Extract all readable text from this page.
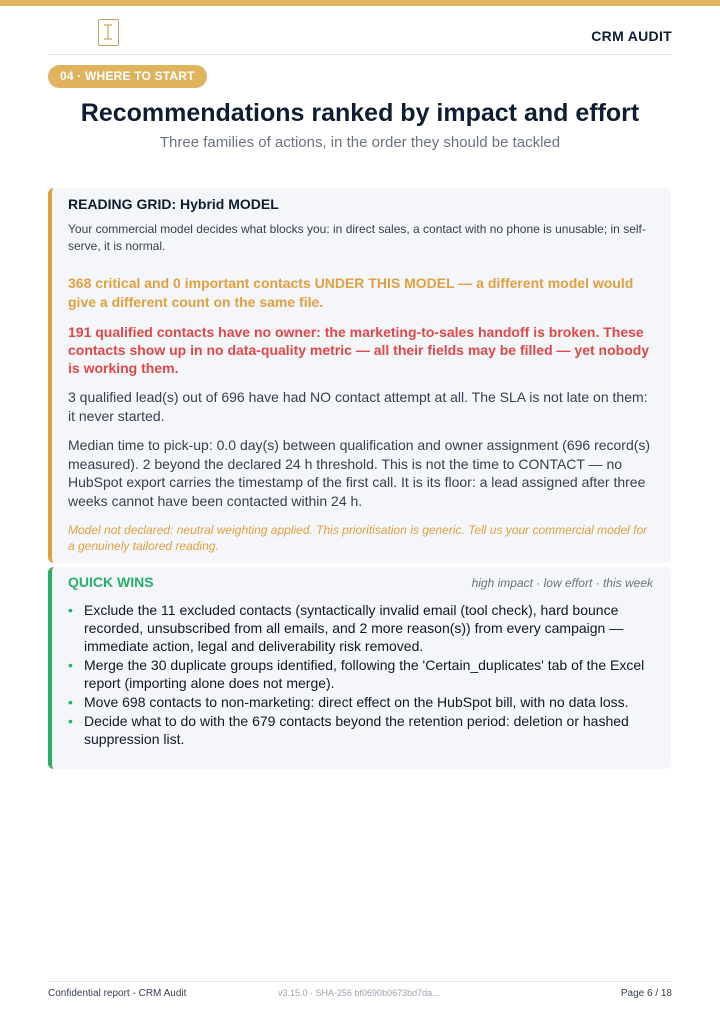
CRM AUDIT
04 · WHERE TO START
Recommendations ranked by impact and effort
Three families of actions, in the order they should be tackled
READING GRID: Hybrid MODEL
Your commercial model decides what blocks you: in direct sales, a contact with no phone is unusable; in self-serve, it is normal.
368 critical and 0 important contacts UNDER THIS MODEL — a different model would give a different count on the same file.
191 qualified contacts have no owner: the marketing-to-sales handoff is broken. These contacts show up in no data-quality metric — all their fields may be filled — yet nobody is working them.
3 qualified lead(s) out of 696 have had NO contact attempt at all. The SLA is not late on them: it never started.
Median time to pick-up: 0.0 day(s) between qualification and owner assignment (696 record(s) measured). 2 beyond the declared 24 h threshold. This is not the time to CONTACT — no HubSpot export carries the timestamp of the first call. It is its floor: a lead assigned after three weeks cannot have been contacted within 24 h.
Model not declared: neutral weighting applied. This prioritisation is generic. Tell us your commercial model for a genuinely tailored reading.
QUICK WINS	high impact · low effort · this week
• Exclude the 11 excluded contacts (syntactically invalid email (tool check), hard bounce recorded, unsubscribed from all emails, and 2 more reason(s)) from every campaign — immediate action, legal and deliverability risk removed.
• Merge the 30 duplicate groups identified, following the 'Certain_duplicates' tab of the Excel report (importing alone does not merge).
• Move 698 contacts to non-marketing: direct effect on the HubSpot bill, with no data loss.
• Decide what to do with the 679 contacts beyond the retention period: deletion or hashed suppression list.
Confidential report - CRM Audit	v3.15.0 · SHA-256 bf0690b0673bd7da...	Page 6 / 18
